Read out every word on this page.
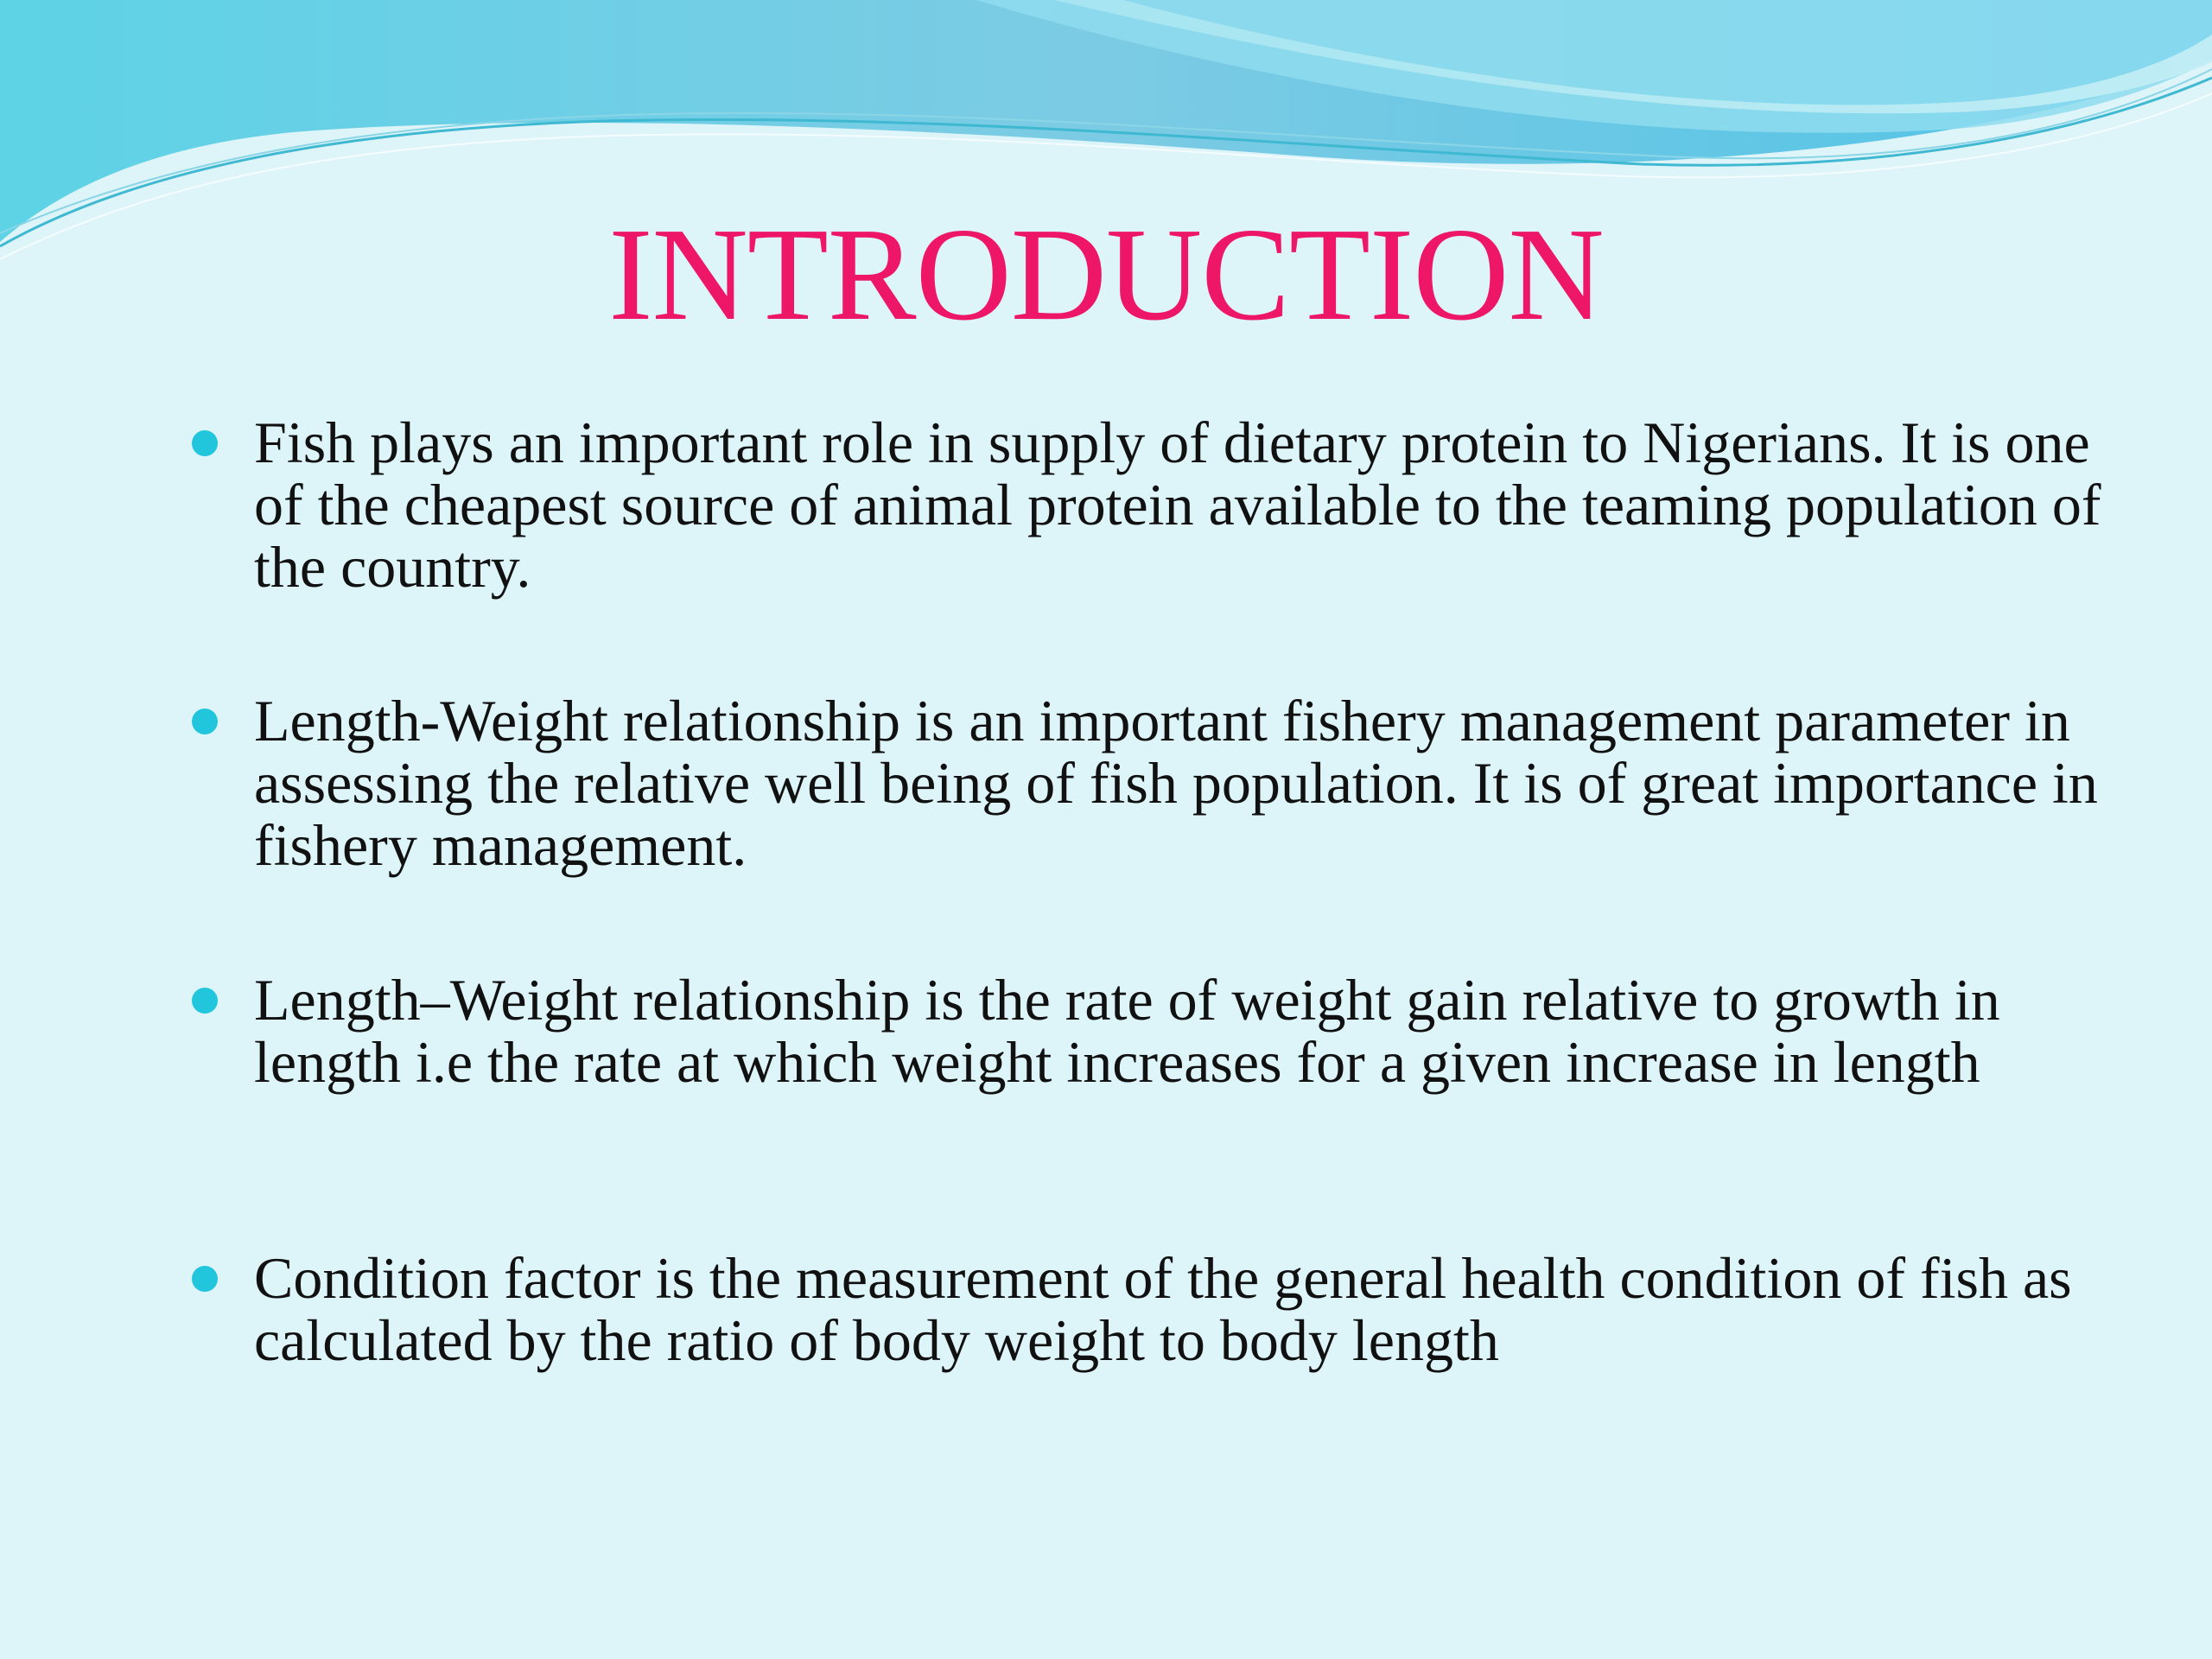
INTRODUCTION
Fish plays an important role in supply of dietary protein to Nigerians. It is one of the cheapest source of animal protein available to the teaming population of the country.
Length-Weight relationship is an important fishery management parameter in assessing the relative well being of fish population. It is of great importance in fishery management.
Length–Weight relationship is the rate of weight gain relative to growth in length i.e the rate at which weight increases for a given increase in length
Condition factor is the measurement of the general health condition of fish as calculated by the ratio of body weight to body length
